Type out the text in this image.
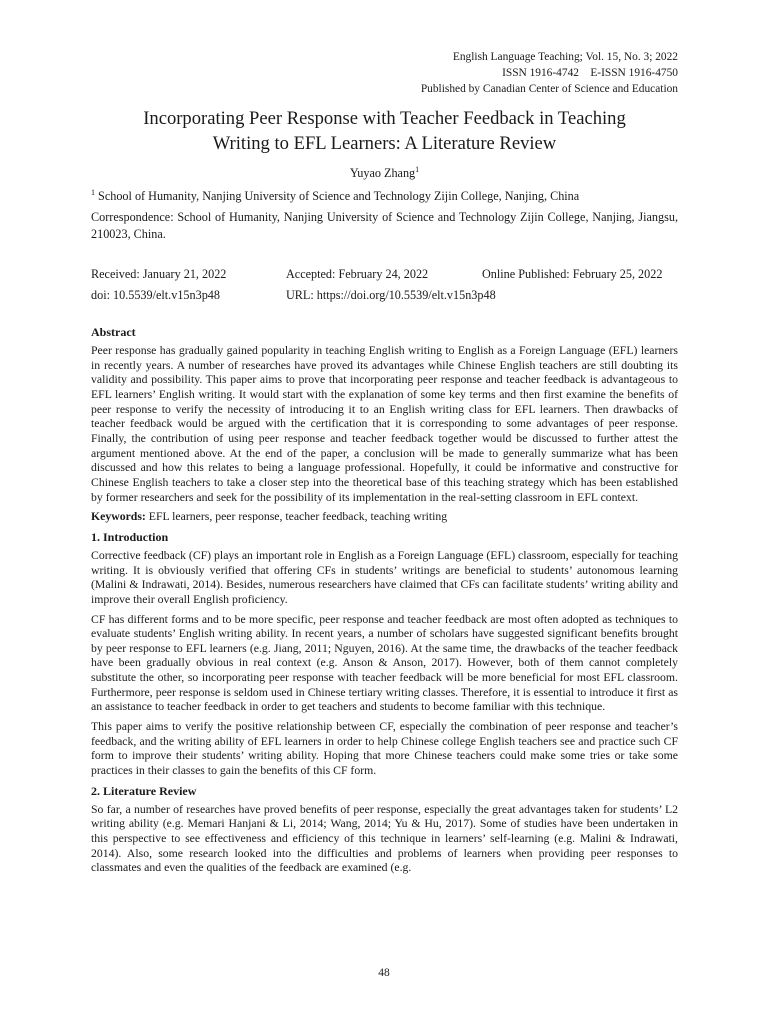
English Language Teaching; Vol. 15, No. 3; 2022
ISSN 1916-4742    E-ISSN 1916-4750
Published by Canadian Center of Science and Education
Incorporating Peer Response with Teacher Feedback in Teaching
Writing to EFL Learners: A Literature Review
Yuyao Zhang$^1$
$^1$ School of Humanity, Nanjing University of Science and Technology Zijin College, Nanjing, China
Correspondence: School of Humanity, Nanjing University of Science and Technology Zijin College, Nanjing, Jiangsu, 210023, China.
Received: January 21, 2022	Accepted: February 24, 2022	Online Published: February 25, 2022
doi: 10.5539/elt.v15n3p48	URL: https://doi.org/10.5539/elt.v15n3p48
Abstract

Peer response has gradually gained popularity in teaching English writing to English as a Foreign Language (EFL) learners in recently years. A number of researches have proved its advantages while Chinese English teachers are still doubting its validity and possibility. This paper aims to prove that incorporating peer response and teacher feedback is advantageous to EFL learners’ English writing. It would start with the explanation of some key terms and then first examine the benefits of peer response to verify the necessity of introducing it to an English writing class for EFL learners. Then drawbacks of teacher feedback would be argued with the certification that it is corresponding to some advantages of peer response. Finally, the contribution of using peer response and teacher feedback together would be discussed to further attest the argument mentioned above. At the end of the paper, a conclusion will be made to generally summarize what has been discussed and how this relates to being a language professional. Hopefully, it could be informative and constructive for Chinese English teachers to take a closer step into the theoretical base of this teaching strategy which has been established by former researchers and seek for the possibility of its implementation in the real-setting classroom in EFL context.

Keywords: EFL learners, peer response, teacher feedback, teaching writing

1. Introduction

Corrective feedback (CF) plays an important role in English as a Foreign Language (EFL) classroom, especially for teaching writing. It is obviously verified that offering CFs in students’ writings are beneficial to students’ autonomous learning (Malini & Indrawati, 2014). Besides, numerous researchers have claimed that CFs can facilitate students’ writing ability and improve their overall English proficiency.

CF has different forms and to be more specific, peer response and teacher feedback are most often adopted as techniques to evaluate students’ English writing ability. In recent years, a number of scholars have suggested significant benefits brought by peer response to EFL learners (e.g. Jiang, 2011; Nguyen, 2016). At the same time, the drawbacks of the teacher feedback have been gradually obvious in real context (e.g. Anson & Anson, 2017). However, both of them cannot completely substitute the other, so incorporating peer response with teacher feedback will be more beneficial for most EFL classroom. Furthermore, peer response is seldom used in Chinese tertiary writing classes. Therefore, it is essential to introduce it first as an assistance to teacher feedback in order to get teachers and students to become familiar with this technique.

This paper aims to verify the positive relationship between CF, especially the combination of peer response and teacher’s feedback, and the writing ability of EFL learners in order to help Chinese college English teachers see and practice such CF form to improve their students’ writing ability. Hoping that more Chinese teachers could make some tries or take some practices in their classes to gain the benefits of this CF form.

2. Literature Review

So far, a number of researches have proved benefits of peer response, especially the great advantages taken for students’ L2 writing ability (e.g. Memari Hanjani & Li, 2014; Wang, 2014; Yu & Hu, 2017). Some of studies have been undertaken in this perspective to see effectiveness and efficiency of this technique in learners’ self-learning (e.g. Malini & Indrawati, 2014). Also, some research looked into the difficulties and problems of learners when providing peer responses to classmates and even the qualities of the feedback are examined (e.g.

48
